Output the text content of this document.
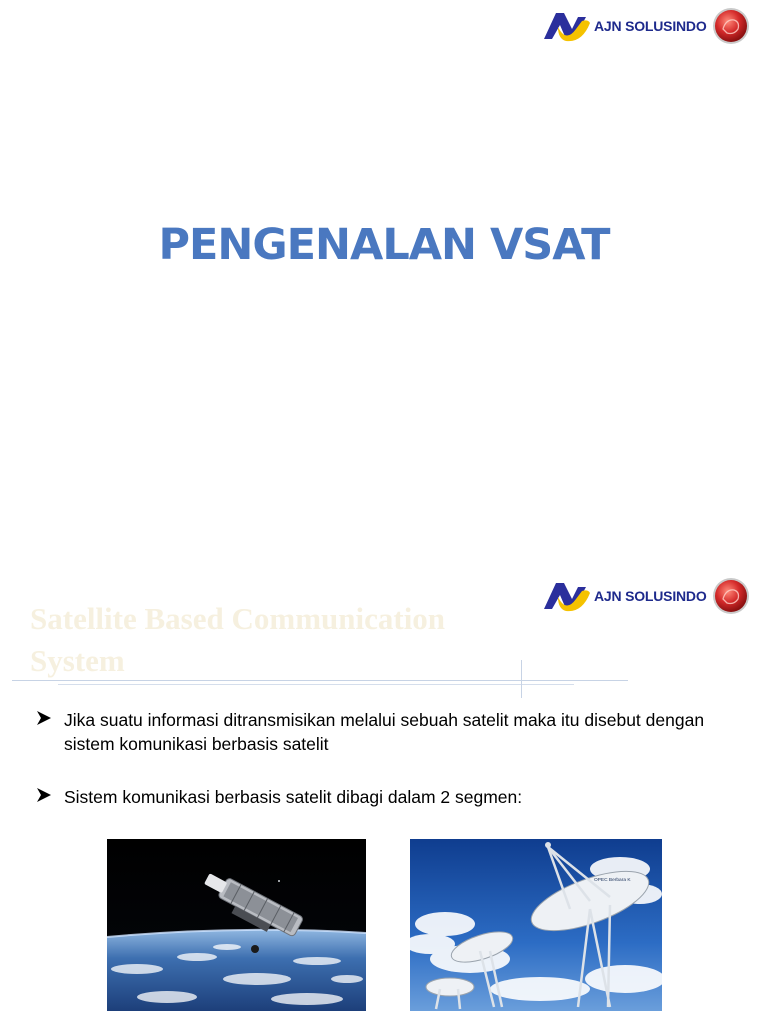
AJN SOLUSINDO
PENGENALAN VSAT
AJN SOLUSINDO
Satellite Based Communication System
Jika suatu informasi ditransmisikan melalui sebuah satelit maka itu disebut dengan sistem komunikasi berbasis satelit
Sistem komunikasi berbasis satelit dibagi dalam 2 segmen:
OPEC Berbara K
